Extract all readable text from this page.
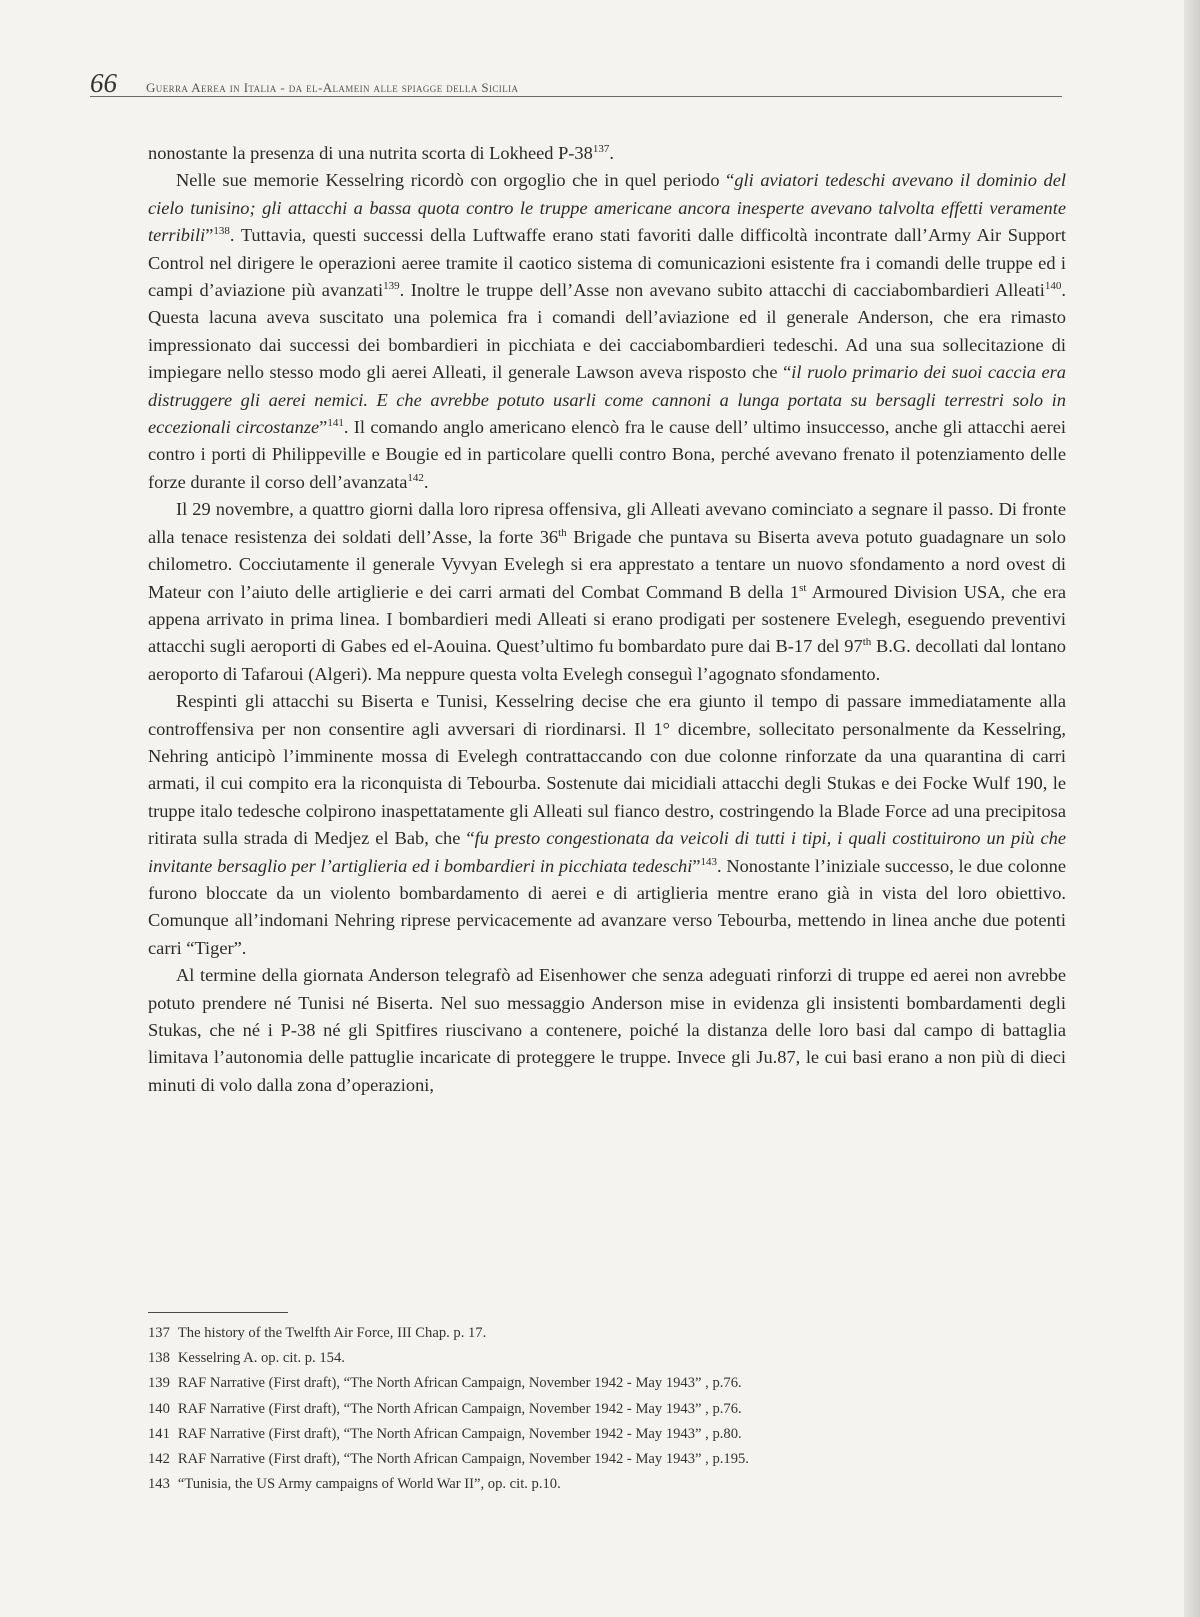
66 Guerra Aerea in Italia - da el-Alamein alle spiagge della Sicilia

nonostante la presenza di una nutrita scorta di Lokheed $P-38^{137}$.

Nelle sue memorie Kesselring ricordò con orgoglio che in quel periodo “gli aviatori tedeschi avevano il dominio del cielo tunisino; gli attacchi a bassa quota contro le truppe americane ancora inesperte avevano talvolta effetti veramente terribili”$^{138}$. Tuttavia, questi successi della Luftwaffe erano stati favoriti dalle difficoltà incontrate dall’Army Air Support Control nel dirigere le operazioni aeree tramite il caotico sistema di comunicazioni esistente fra i comandi delle truppe ed i campi d’aviazione più avanzati$^{139}$. Inoltre le truppe dell’Asse non avevano subito attacchi di cacciabombardieri Alleati$^{140}$. Questa lacuna aveva suscitato una polemica fra i comandi dell’aviazione ed il generale Anderson, che era rimasto impressionato dai successi dei bombardieri in picchiata e dei cacciabombardieri tedeschi. Ad una sua sollecitazione di impiegare nello stesso modo gli aerei Alleati, il generale Lawson aveva risposto che “il ruolo primario dei suoi caccia era distruggere gli aerei nemici. E che avrebbe potuto usarli come cannoni a lunga portata su bersagli terrestri solo in eccezionali circostanze”$^{141}$. Il comando anglo americano elencò fra le cause dell’ ultimo insuccesso, anche gli attacchi aerei contro i porti di Philippeville e Bougie ed in particolare quelli contro Bona, perché avevano frenato il potenziamento delle forze durante il corso dell’avanzata$^{142}$.

Il 29 novembre, a quattro giorni dalla loro ripresa offensiva, gli Alleati avevano cominciato a segnare il passo. Di fronte alla tenace resistenza dei soldati dell’Asse, la forte 36th Brigade che puntava su Biserta aveva potuto guadagnare un solo chilometro. Cocciutamente il generale Vyvyan Evelegh si era apprestato a tentare un nuovo sfondamento a nord ovest di Mateur con l’aiuto delle artiglierie e dei carri armati del Combat Command B della 1st Armoured Division USA, che era appena arrivato in prima linea. I bombardieri medi Alleati si erano prodigati per sostenere Evelegh, eseguendo preventivi attacchi sugli aeroporti di Gabes ed el-Aouina. Quest’ultimo fu bombardato pure dai B-17 del 97th B.G. decollati dal lontano aeroporto di Tafaroui (Algeri). Ma neppure questa volta Evelegh conseguì l’agognato sfondamento.

Respinti gli attacchi su Biserta e Tunisi, Kesselring decise che era giunto il tempo di passare immediatamente alla controffensiva per non consentire agli avversari di riordinarsi. Il 1° dicembre, sollecitato personalmente da Kesselring, Nehring anticipò l’imminente mossa di Evelegh contrattaccando con due colonne rinforzate da una quarantina di carri armati, il cui compito era la riconquista di Tebourba. Sostenute dai micidiali attacchi degli Stukas e dei Focke Wulf 190, le truppe italo tedesche colpirono inaspettatamente gli Alleati sul fianco destro, costringendo la Blade Force ad una precipitosa ritirata sulla strada di Medjez el Bab, che “fu presto congestionata da veicoli di tutti i tipi, i quali costituirono un più che invitante bersaglio per l’artiglieria ed i bombardieri in picchiata tedeschi”$^{143}$. Nonostante l’iniziale successo, le due colonne furono bloccate da un violento bombardamento di aerei e di artiglieria mentre erano già in vista del loro obiettivo. Comunque all’indomani Nehring riprese pervicacemente ad avanzare verso Tebourba, mettendo in linea anche due potenti carri “Tiger”.

Al termine della giornata Anderson telegrafò ad Eisenhower che senza adeguati rinforzi di truppe ed aerei non avrebbe potuto prendere né Tunisi né Biserta. Nel suo messaggio Anderson mise in evidenza gli insistenti bombardamenti degli Stukas, che né i P-38 né gli Spitfires riuscivano a contenere, poiché la distanza delle loro basi dal campo di battaglia limitava l’autonomia delle pattuglie incaricate di proteggere le truppe. Invece gli Ju.87, le cui basi erano a non più di dieci minuti di volo dalla zona d’operazioni,

137 The history of the Twelfth Air Force, III Chap. p. 17.
138 Kesselring A. op. cit. p. 154.
139 RAF Narrative (First draft), “The North African Campaign, November 1942 - May 1943” , p.76.
140 RAF Narrative (First draft), “The North African Campaign, November 1942 - May 1943” , p.76.
141 RAF Narrative (First draft), “The North African Campaign, November 1942 - May 1943” , p.80.
142 RAF Narrative (First draft), “The North African Campaign, November 1942 - May 1943” , p.195.
143 “Tunisia, the US Army campaigns of World War II”, op. cit. p.10.
